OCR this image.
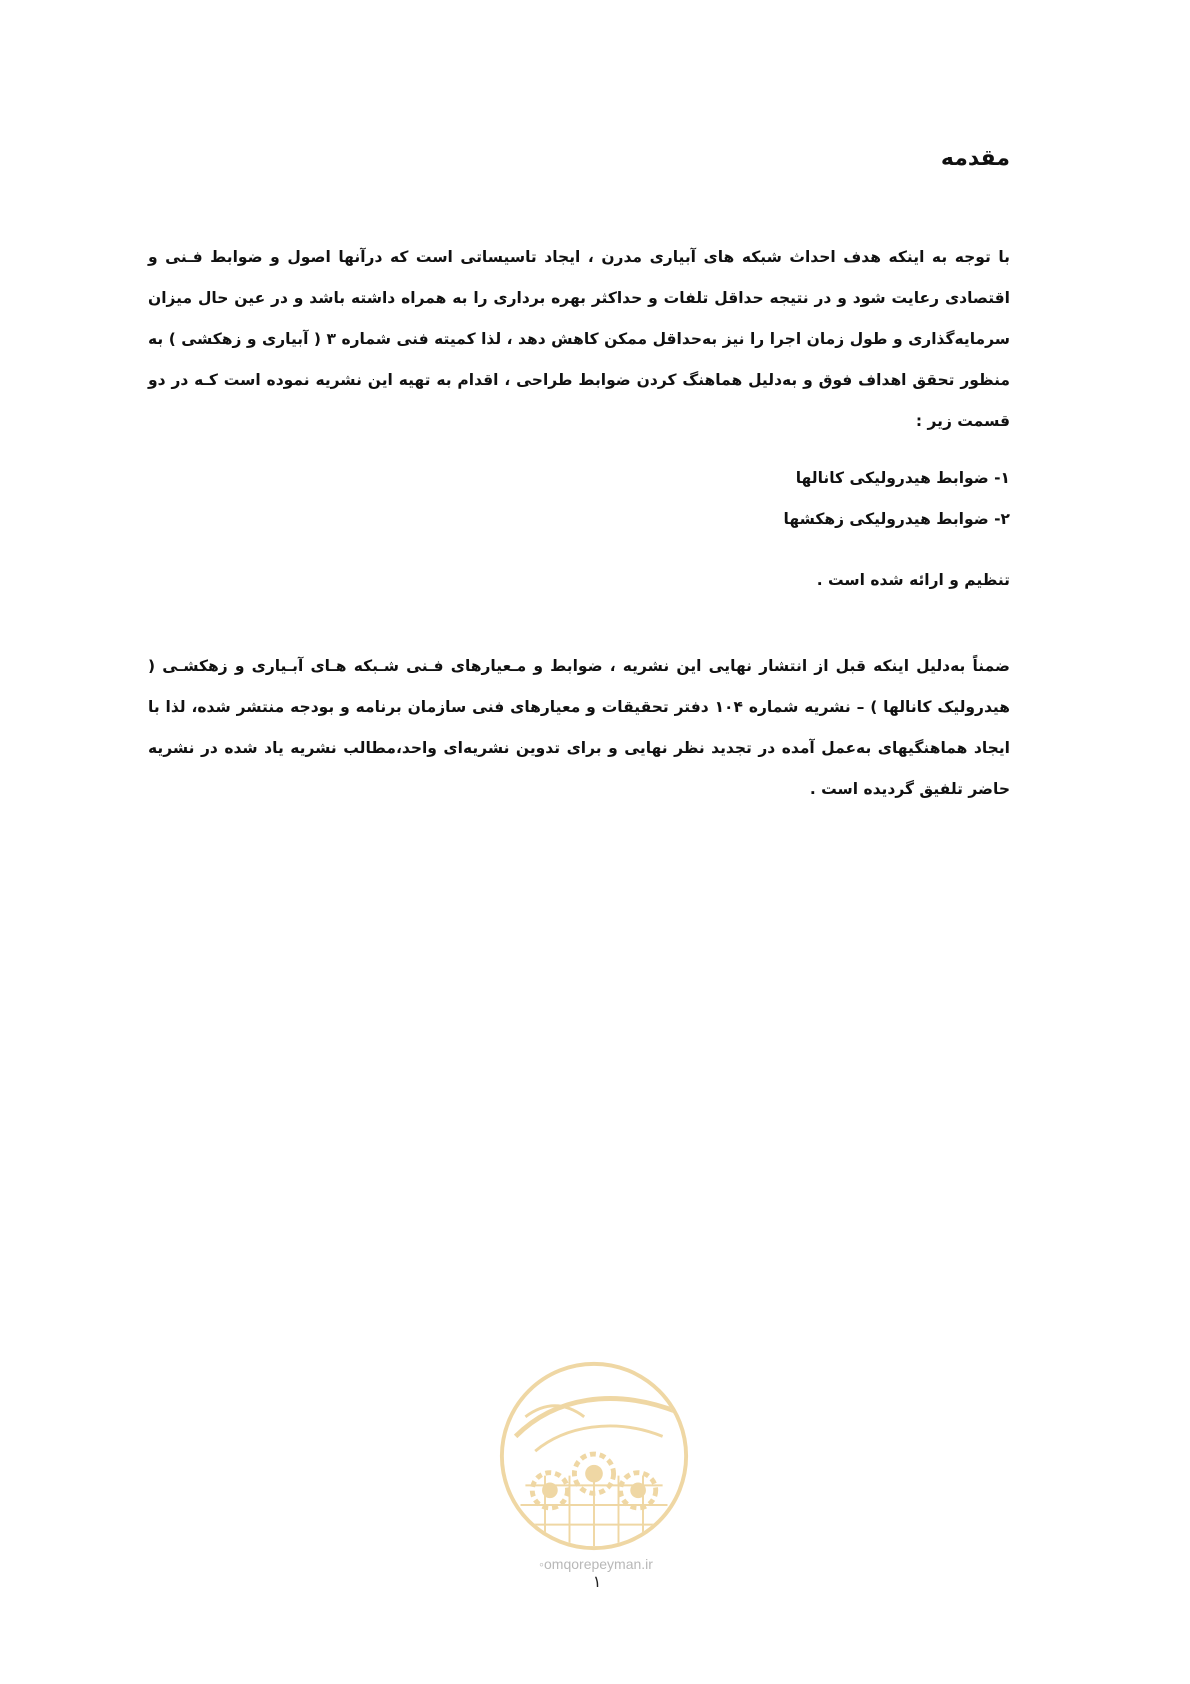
مقدمه

با توجه به اینکه هدف احداث شبکه های آبیاری مدرن ، ایجاد تاسیساتی است که درآنها اصول و ضوابط فـنی و اقتصادی رعایت شود و در نتیجه حداقل تلفات و حداکثر بهره برداری را به همراه داشته باشد و در عین حال میزان سرمایه‌گذاری و طول زمان اجرا را نیز به‌حداقل ممکن کاهش دهد ، لذا کمیته فنی شماره ۳ ( آبیاری و زهکشی ) به منظور تحقق اهداف فوق و به‌دلیل هماهنگ کردن ضوابط طراحی ، اقدام به تهیه این نشریه نموده است کـه در دو قسمت زیر :

۱- ضوابط هیدرولیکی کانالها
۲- ضوابط هیدرولیکی زهکشها

تنظیم و ارائه شده است .

ضمناً به‌دلیل اینکه قبل از انتشار نهایی این نشریه ، ضوابط و مـعیارهای فـنی شـبکه هـای آبـیاری و زهکشـی ( هیدرولیک کانالها ) – نشریه شماره ۱۰۴ دفتر تحقیقات و معیارهای فنی سازمان برنامه و بودجه منتشر شده، لذا با ایجاد هماهنگیهای به‌عمل آمده در تجدید نظر نهایی و برای تدوین نشریه‌ای واحد،مطالب نشریه یاد شده در نشریه حاضر تلفیق گردیده است .

◦omqorepeyman.ir
۱
